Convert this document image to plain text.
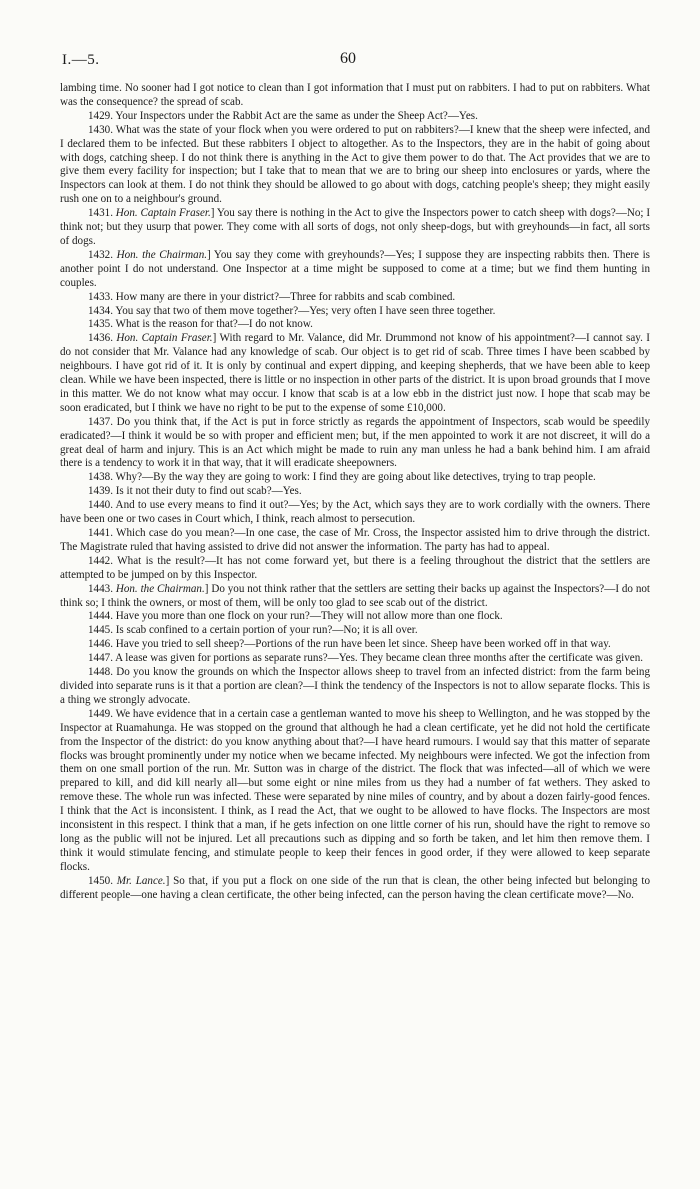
I.—5.	60

lambing time. No sooner had I got notice to clean than I got information that I must put on rabbiters. I had to put on rabbiters. What was the consequence? the spread of scab.

1429. Your Inspectors under the Rabbit Act are the same as under the Sheep Act?—Yes.

1430. What was the state of your flock when you were ordered to put on rabbiters?—I knew that the sheep were infected, and I declared them to be infected. But these rabbiters I object to altogether. As to the Inspectors, they are in the habit of going about with dogs, catching sheep. I do not think there is anything in the Act to give them power to do that. The Act provides that we are to give them every facility for inspection; but I take that to mean that we are to bring our sheep into enclosures or yards, where the Inspectors can look at them. I do not think they should be allowed to go about with dogs, catching people's sheep; they might easily rush one on to a neighbour's ground.

1431. Hon. Captain Fraser.] You say there is nothing in the Act to give the Inspectors power to catch sheep with dogs?—No; I think not; but they usurp that power. They come with all sorts of dogs, not only sheep-dogs, but with greyhounds—in fact, all sorts of dogs.

1432. Hon. the Chairman.] You say they come with greyhounds?—Yes; I suppose they are inspecting rabbits then. There is another point I do not understand. One Inspector at a time might be supposed to come at a time; but we find them hunting in couples.

1433. How many are there in your district?—Three for rabbits and scab combined.

1434. You say that two of them move together?—Yes; very often I have seen three together.

1435. What is the reason for that?—I do not know.

1436. Hon. Captain Fraser.] With regard to Mr. Valance, did Mr. Drummond not know of his appointment?—I cannot say. I do not consider that Mr. Valance had any knowledge of scab. Our object is to get rid of scab. Three times I have been scabbed by neighbours. I have got rid of it. It is only by continual and expert dipping, and keeping shepherds, that we have been able to keep clean. While we have been inspected, there is little or no inspection in other parts of the district. It is upon broad grounds that I move in this matter. We do not know what may occur. I know that scab is at a low ebb in the district just now. I hope that scab may be soon eradicated, but I think we have no right to be put to the expense of some £10,000.

1437. Do you think that, if the Act is put in force strictly as regards the appointment of Inspectors, scab would be speedily eradicated?—I think it would be so with proper and efficient men; but, if the men appointed to work it are not discreet, it will do a great deal of harm and injury. This is an Act which might be made to ruin any man unless he had a bank behind him. I am afraid there is a tendency to work it in that way, that it will eradicate sheepowners.

1438. Why?—By the way they are going to work: I find they are going about like detectives, trying to trap people.

1439. Is it not their duty to find out scab?—Yes.

1440. And to use every means to find it out?—Yes; by the Act, which says they are to work cordially with the owners. There have been one or two cases in Court which, I think, reach almost to persecution.

1441. Which case do you mean?—In one case, the case of Mr. Cross, the Inspector assisted him to drive through the district. The Magistrate ruled that having assisted to drive did not answer the information. The party has had to appeal.

1442. What is the result?—It has not come forward yet, but there is a feeling throughout the district that the settlers are attempted to be jumped on by this Inspector.

1443. Hon. the Chairman.] Do you not think rather that the settlers are setting their backs up against the Inspectors?—I do not think so; I think the owners, or most of them, will be only too glad to see scab out of the district.

1444. Have you more than one flock on your run?—They will not allow more than one flock.

1445. Is scab confined to a certain portion of your run?—No; it is all over.

1446. Have you tried to sell sheep?—Portions of the run have been let since. Sheep have been worked off in that way.

1447. A lease was given for portions as separate runs?—Yes. They became clean three months after the certificate was given.

1448. Do you know the grounds on which the Inspector allows sheep to travel from an infected district: from the farm being divided into separate runs is it that a portion are clean?—I think the tendency of the Inspectors is not to allow separate flocks. This is a thing we strongly advocate.

1449. We have evidence that in a certain case a gentleman wanted to move his sheep to Wellington, and he was stopped by the Inspector at Ruamahunga. He was stopped on the ground that although he had a clean certificate, yet he did not hold the certificate from the Inspector of the district: do you know anything about that?—I have heard rumours. I would say that this matter of separate flocks was brought prominently under my notice when we became infected. My neighbours were infected. We got the infection from them on one small portion of the run. Mr. Sutton was in charge of the district. The flock that was infected—all of which we were prepared to kill, and did kill nearly all—but some eight or nine miles from us they had a number of fat wethers. They asked to remove these. The whole run was infected. These were separated by nine miles of country, and by about a dozen fairly-good fences. I think that the Act is inconsistent. I think, as I read the Act, that we ought to be allowed to have flocks. The Inspectors are most inconsistent in this respect. I think that a man, if he gets infection on one little corner of his run, should have the right to remove so long as the public will not be injured. Let all precautions such as dipping and so forth be taken, and let him then remove them. I think it would stimulate fencing, and stimulate people to keep their fences in good order, if they were allowed to keep separate flocks.

1450. Mr. Lance.] So that, if you put a flock on one side of the run that is clean, the other being infected but belonging to different people—one having a clean certificate, the other being infected, can the person having the clean certificate move?—No.
